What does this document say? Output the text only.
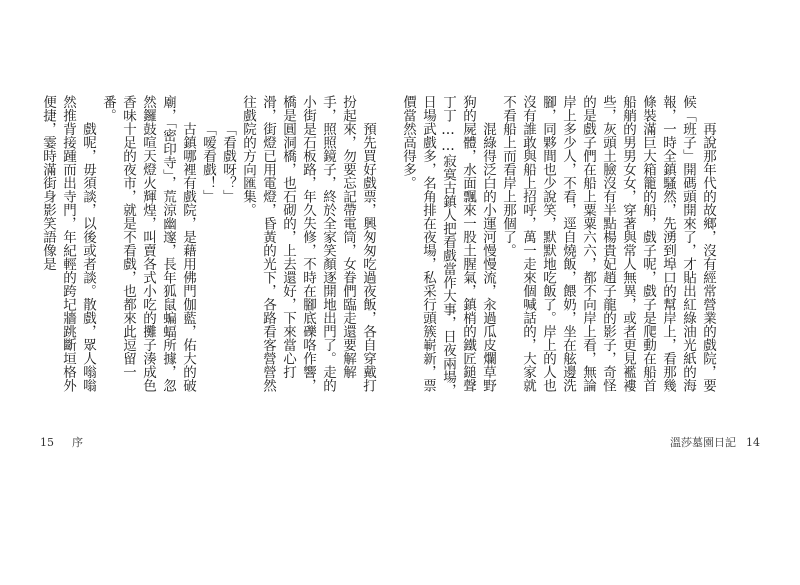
預先買好戲票，興匆匆吃過夜飯，各自穿戴打扮起來，勿要忘記帶電筒，女眷們臨走還要解解手，照照鏡子，終於全家笑顏逐開地出門了。走的小街是石板路，年久失修，不時在腳底礫咯作響，橋是圓洞橋，也石砌的，上去還好，下來當心打滑，街燈已用電燈，昏黃的光下，各路看客營營然往戲院的方向匯集。

「看戲呀？」

「嗳看戲！」

古鎮哪裡有戲院，是藉用佛門伽藍，佑大的破廟，「密印寺」，荒涼幽邃，長年狐鼠蝙蝠所據，忽然鑼鼓喧天燈火輝煌，叫賣各式小吃的攤子湊成色香味十足的夜市，就是不看戲，也都來此逗留一番。

戲呢，毋須談，以後或者談。散戲，眾人嗡嗡然推背接踵而出寺門，年紀輕的跨圮牆跳斷垣格外便捷，霎時滿街身影笑語像是

15 序

再說那年代的故鄉，沒有經常營業的戲院，要候「班子」開碼頭開來了，才貼出紅綠油光紙的海報，一時全鎮騷然，先湧到埠口的幫岸上，看那幾條裝滿巨大箱籠的船，戲子呢，戲子是爬動在船首船艄的男男女女，穿著與常人無異，或者更見襤褸些，灰頭土臉沒有半點楊貴妃趙子龍的影子，奇怪的是戲子們在船上粟粟六六，都不向岸上看，無論岸上多少人，不看，逕自燒飯，餵奶，坐在舷邊洗腳，同夥間也少說笑，默默地吃飯了。岸上的人也沒有誰敢與船上招呼，萬一走來個喊話的，大家就不看船上而看岸上那個了。

混綠得泛白的小運河慢慢流，汆過瓜皮爛草野狗的屍體，水面飄來一股土腥氣，鎮梢的鐵匠鎚聲丁丁……寂寞古鎮人把看戲當作大事，日夜兩場，日場武戲多，名角排在夜場，私采行頭簇嶄新，票價當然高得多。

溫莎墓園日記 14
